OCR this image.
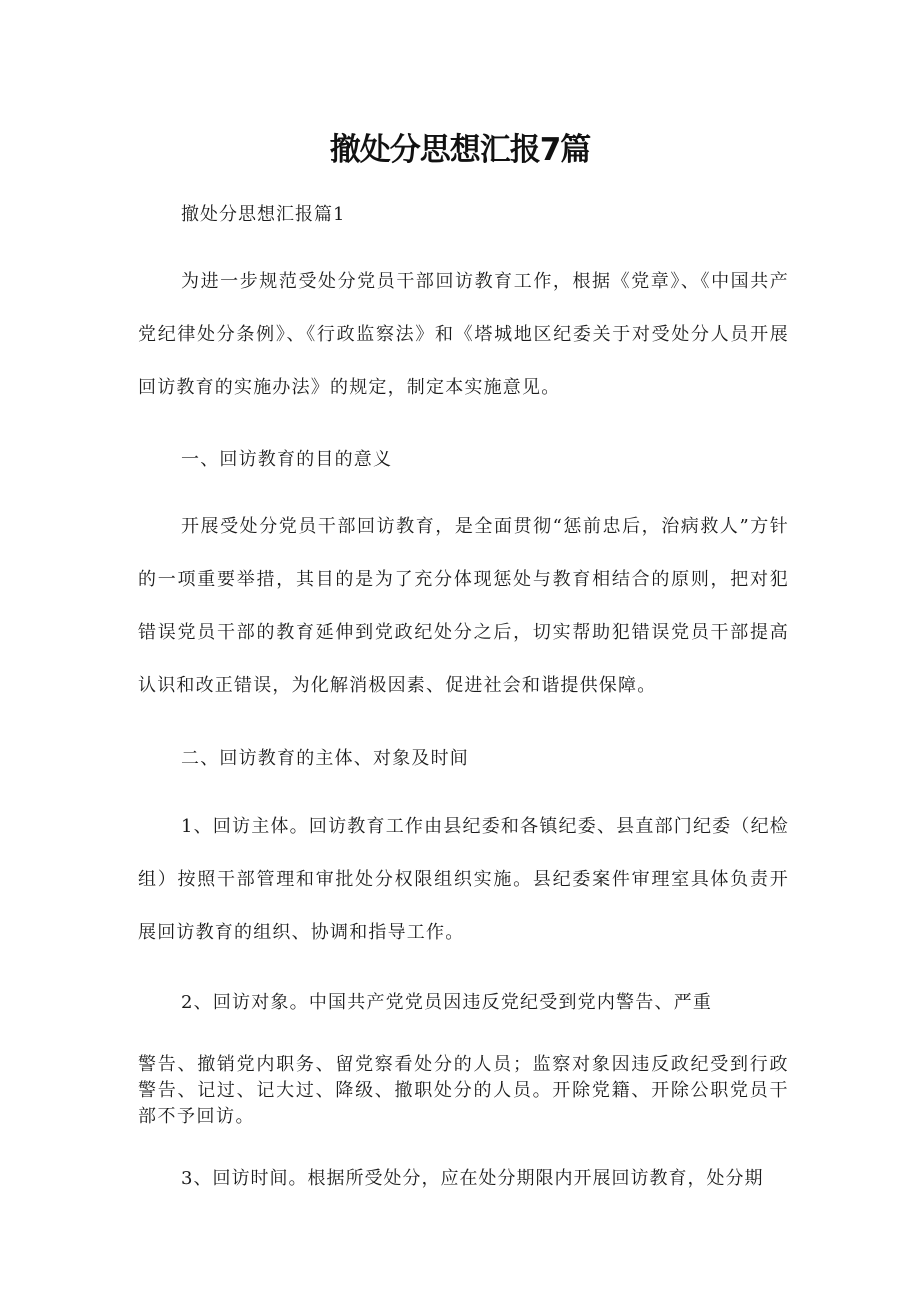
撤处分思想汇报7篇

撤处分思想汇报篇1

为进一步规范受处分党员干部回访教育工作，根据《党章》、《中国共产党纪律处分条例》、《行政监察法》和《塔城地区纪委关于对受处分人员开展回访教育的实施办法》的规定，制定本实施意见。

一、回访教育的目的意义

开展受处分党员干部回访教育，是全面贯彻“惩前忠后，治病救人”方针的一项重要举措，其目的是为了充分体现惩处与教育相结合的原则，把对犯错误党员干部的教育延伸到党政纪处分之后，切实帮助犯错误党员干部提高认识和改正错误，为化解消极因素、促进社会和谐提供保障。

二、回访教育的主体、对象及时间

1、回访主体。回访教育工作由县纪委和各镇纪委、县直部门纪委（纪检组）按照干部管理和审批处分权限组织实施。县纪委案件审理室具体负责开展回访教育的组织、协调和指导工作。

2、回访对象。中国共产党党员因违反党纪受到党内警告、严重

警告、撤销党内职务、留党察看处分的人员；监察对象因违反政纪受到行政警告、记过、记大过、降级、撤职处分的人员。开除党籍、开除公职党员干部不予回访。

3、回访时间。根据所受处分，应在处分期限内开展回访教育，处分期
